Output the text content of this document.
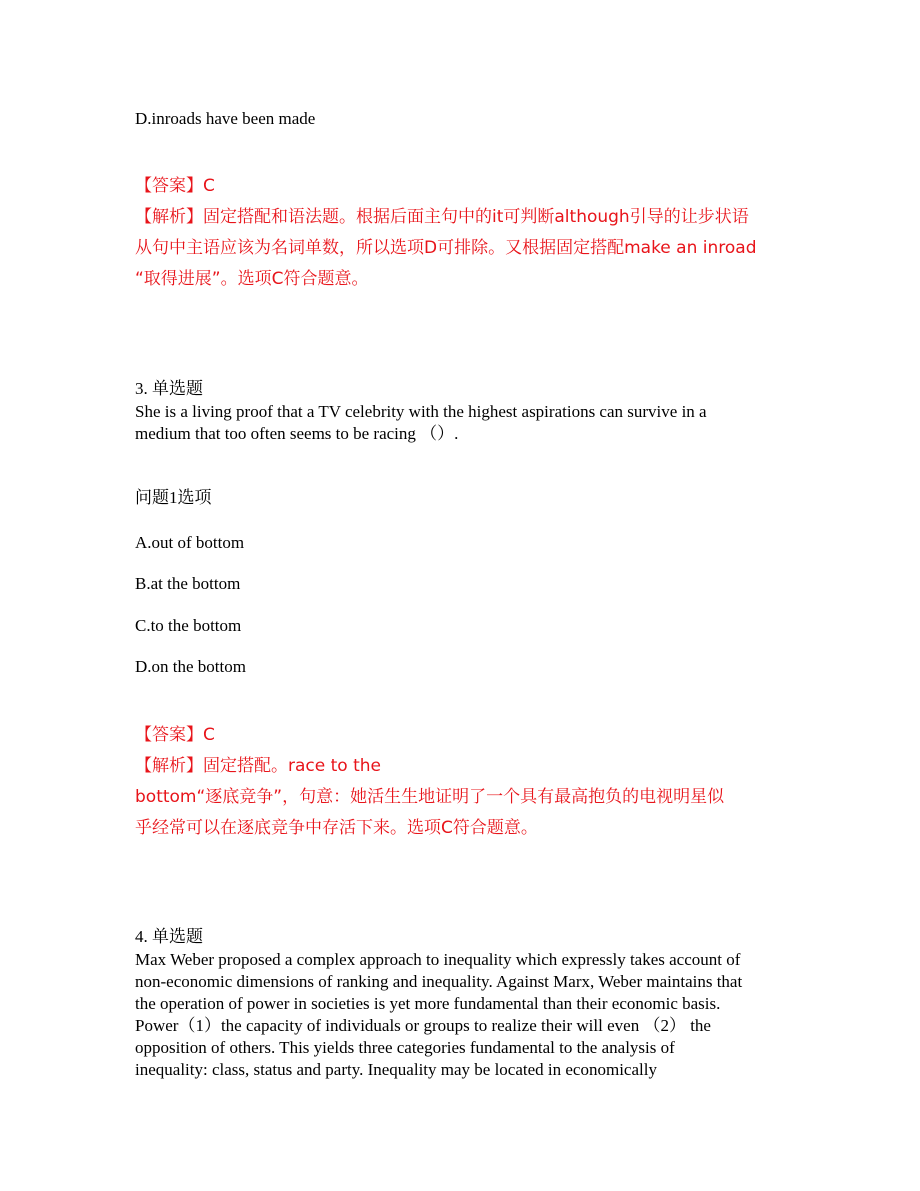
D.inroads have been made

【答案】C

【解析】固定搭配和语法题。根据后面主句中的it可判断although引导的让步状语

从句中主语应该为名词单数，所以选项D可排除。又根据固定搭配make an inroad

“取得进展”。选项C符合题意。

3. 单选题

She is a living proof that a TV celebrity with the highest aspirations can survive in a

medium that too often seems to be racing （）.

问题1选项

A.out of bottom

B.at the bottom

C.to the bottom

D.on the bottom

【答案】C

【解析】固定搭配。race to the

bottom“逐底竞争”，句意：她活生生地证明了一个具有最高抱负的电视明星似

乎经常可以在逐底竞争中存活下来。选项C符合题意。

4. 单选题

Max Weber proposed a complex approach to inequality which expressly takes account of

non-economic dimensions of ranking and inequality. Against Marx, Weber maintains that

the operation of power in societies is yet more fundamental than their economic basis.

Power（1）the capacity of individuals or groups to realize their will even （2） the

opposition of others. This yields three categories fundamental to the analysis of

inequality: class, status and party. Inequality may be located in economically
